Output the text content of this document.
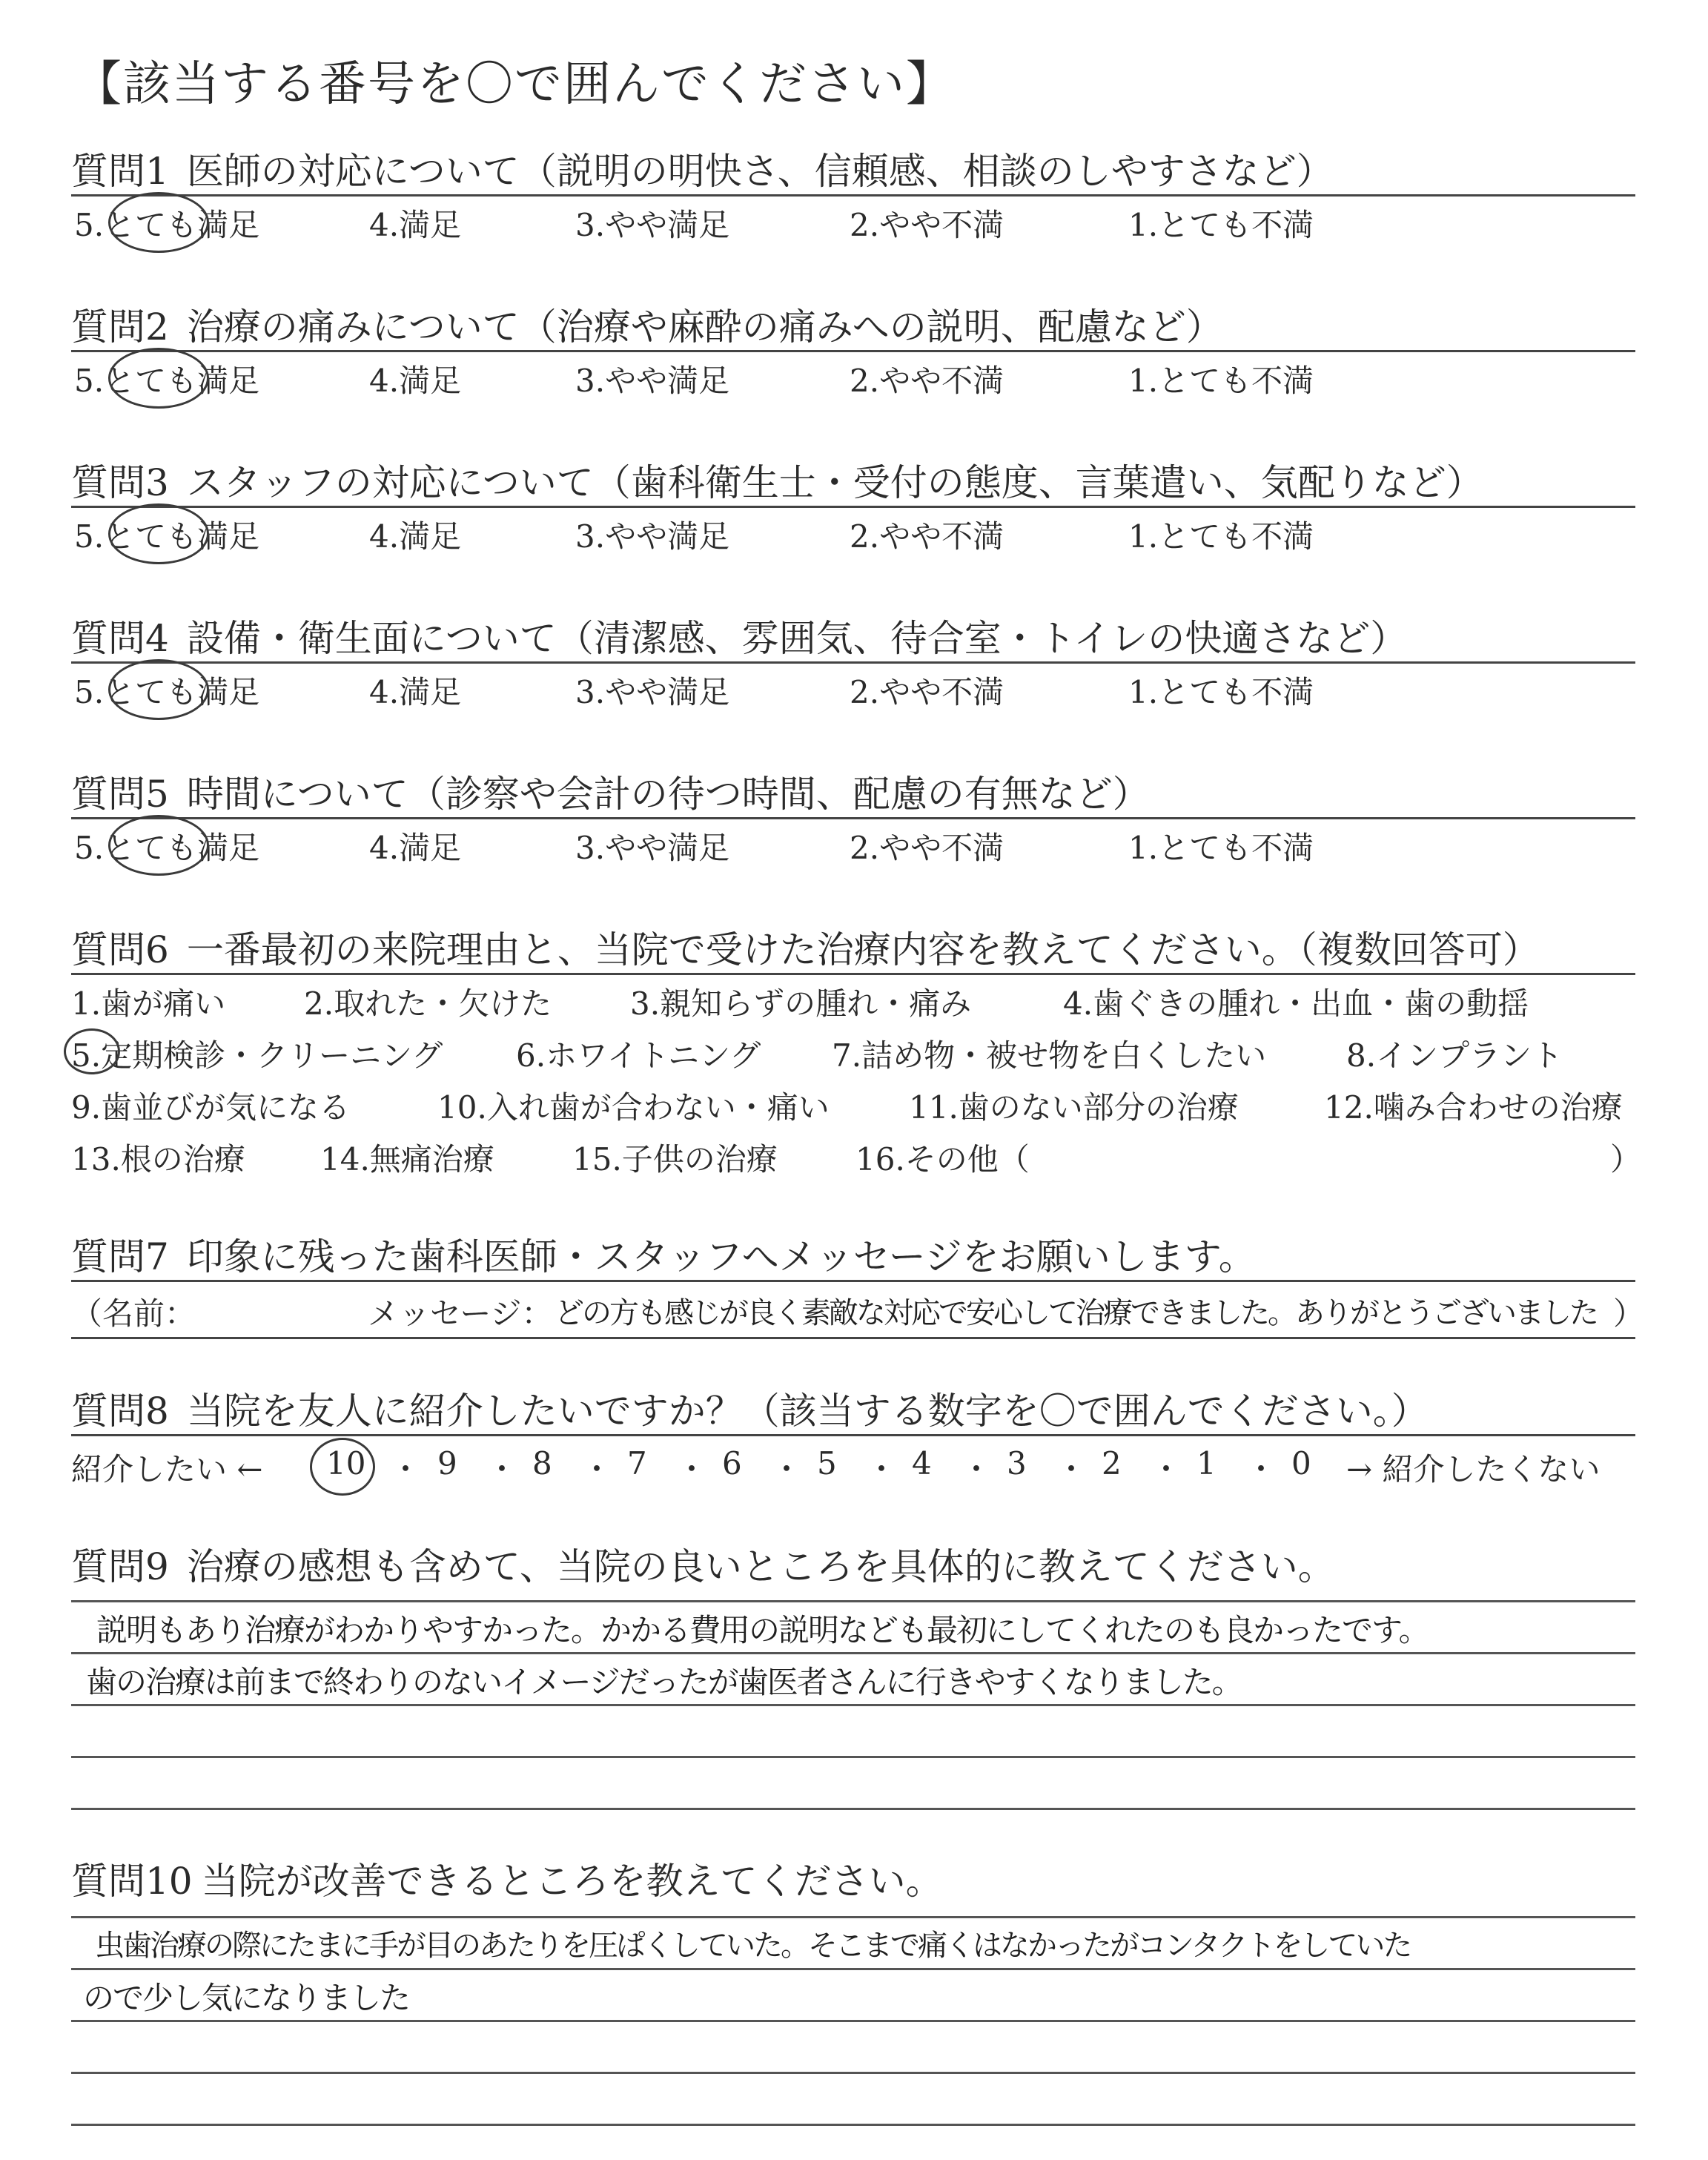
【該当する番号を〇で囲んでください】
質問1 医師の対応について（説明の明快さ、信頼感、相談のしやすさなど）
5.とても満足	4.満足	3.やや満足	2.やや不満	1.とても不満
質問2 治療の痛みについて（治療や麻酔の痛みへの説明、配慮など）
5.とても満足	4.満足	3.やや満足	2.やや不満	1.とても不満
質問3 スタッフの対応について（歯科衛生士・受付の態度、言葉遣い、気配りなど）
5.とても満足	4.満足	3.やや満足	2.やや不満	1.とても不満
質問4 設備・衛生面について（清潔感、雰囲気、待合室・トイレの快適さなど）
5.とても満足	4.満足	3.やや満足	2.やや不満	1.とても不満
質問5 時間について（診察や会計の待つ時間、配慮の有無など）
5.とても満足	4.満足	3.やや満足	2.やや不満	1.とても不満
質問6 一番最初の来院理由と、当院で受けた治療内容を教えてください。（複数回答可）
1.歯が痛い	2.取れた・欠けた	3.親知らずの腫れ・痛み	4.歯ぐきの腫れ・出血・歯の動揺
5.定期検診・クリーニング 6.ホワイトニング 7.詰め物・被せ物を白くしたい	8.インプラント
9.歯並びが気になる	10.入れ歯が合わない・痛い	11.歯のない部分の治療	12.噛み合わせの治療
13.根の治療 14.無痛治療	15.子供の治療	16.その他（	）
質問7 印象に残った歯科医師・スタッフへメッセージをお願いします。
（名前：	メッセージ： どの方も感じが良く素敵な対応で安心して治療できました。ありがとうございました ）
質問8 当院を友人に紹介したいですか？（該当する数字を〇で囲んでください。）
紹介したい ← 10 ・ 9 ・ 8 ・ 7 ・ 6 ・ 5 ・ 4 ・ 3 ・ 2 ・ 1 ・ 0 → 紹介したくない
質問9 治療の感想も含めて、当院の良いところを具体的に教えてください。
説明もあり治療がわかりやすかった。かかる費用の説明なども最初にしてくれたのも良かったです。
歯の治療は前まで終わりのないイメージだったが歯医者さんに行きやすくなりました。
質問10 当院が改善できるところを教えてください。
虫歯治療の際にたまに手が目のあたりを圧ぱくしていた。そこまで痛くはなかったがコンタクトをしていた
ので少し気になりました
